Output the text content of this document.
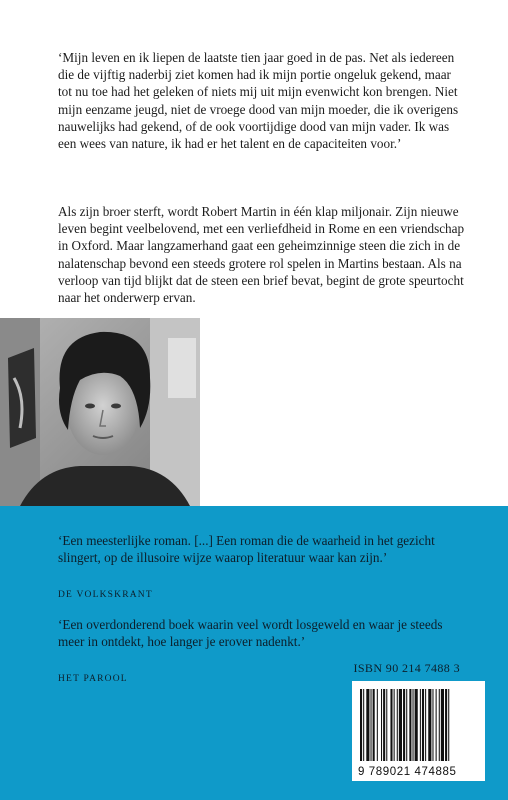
‘Mijn leven en ik liepen de laatste tien jaar goed in de pas. Net als iedereen die de vijftig naderbij ziet komen had ik mijn portie ongeluk gekend, maar tot nu toe had het geleken of niets mij uit mijn evenwicht kon brengen. Niet mijn eenzame jeugd, niet de vroege dood van mijn moeder, die ik overigens nauwelijks had gekend, of de ook voortijdige dood van mijn vader. Ik was een wees van nature, ik had er het talent en de capaciteiten voor.’

Als zijn broer sterft, wordt Robert Martin in één klap miljonair. Zijn nieuwe leven begint veelbelovend, met een verliefdheid in Rome en een vriendschap in Oxford. Maar langzamerhand gaat een geheimzinnige steen die zich in de nalatenschap bevond een steeds grotere rol spelen in Martins bestaan. Als na verloop van tijd blijkt dat de steen een brief bevat, begint de grote speurtocht naar het onderwerp ervan.

‘Een meesterlijke roman. [...] Een roman die de waarheid in het gezicht slingert, op de illusoire wijze waarop literatuur waar kan zijn.’

DE VOLKSKRANT

‘Een overdonderend boek waarin veel wordt losgeweld en waar je steeds meer in ontdekt, hoe langer je erover nadenkt.’

HET PAROOL
ISBN 90 214 7488 3
9 789021 474885
